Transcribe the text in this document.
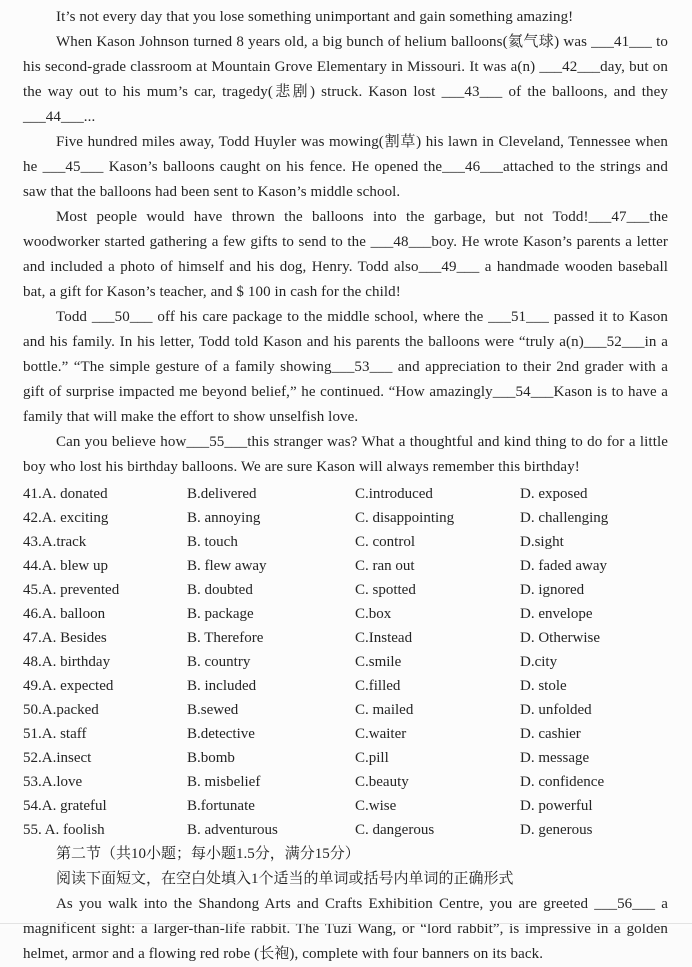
It’s not every day that you lose something unimportant and gain something amazing!

When Kason Johnson turned 8 years old, a big bunch of helium balloons(氦气球) was ___41___ to his second-grade classroom at Mountain Grove Elementary in Missouri. It was a(n) ___42___day, but on the way out to his mum’s car, tragedy(悲剧) struck. Kason lost ___43___ of the balloons, and they ___44___...

Five hundred miles away, Todd Huyler was mowing(割草) his lawn in Cleveland, Tennessee when he ___45___ Kason’s balloons caught on his fence. He opened the___46___attached to the strings and saw that the balloons had been sent to Kason’s middle school.

Most people would have thrown the balloons into the garbage, but not Todd!___47___the woodworker started gathering a few gifts to send to the ___48___boy. He wrote Kason’s parents a letter and included a photo of himself and his dog, Henry. Todd also___49___ a handmade wooden baseball bat, a gift for Kason’s teacher, and $ 100 in cash for the child!

Todd ___50___ off his care package to the middle school, where the ___51___ passed it to Kason and his family. In his letter, Todd told Kason and his parents the balloons were “truly a(n)___52___in a bottle.” “The simple gesture of a family showing___53___ and appreciation to their 2nd grader with a gift of surprise impacted me beyond belief,” he continued. “How amazingly___54___Kason is to have a family that will make the effort to show unselfish love.

Can you believe how___55___this stranger was? What a thoughtful and kind thing to do for a little boy who lost his birthday balloons. We are sure Kason will always remember this birthday!

41.A. donated	B.delivered	C.introduced	D. exposed
42.A. exciting	B. annoying	C. disappointing	D. challenging
43.A.track	B. touch	C. control	D.sight
44.A. blew up	B. flew away	C. ran out	D. faded away
45.A. prevented	B. doubted	C. spotted	D. ignored
46.A. balloon	B. package	C.box	D. envelope
47.A. Besides	B. Therefore	C.Instead	D. Otherwise
48.A. birthday	B. country	C.smile	D.city
49.A. expected	B. included	C.filled	D. stole
50.A.packed	B.sewed	C. mailed	D. unfolded
51.A. staff	B.detective	C.waiter	D. cashier
52.A.insect	B.bomb	C.pill	D. message
53.A.love	B. misbelief	C.beauty	D. confidence
54.A. grateful	B.fortunate	C.wise	D. powerful
55. A. foolish	B. adventurous	C. dangerous	D. generous

第二节（共10小题；每小题1.5分，满分15分）

阅读下面短文，在空白处填入1个适当的单词或括号内单词的正确形式

As you walk into the Shandong Arts and Crafts Exhibition Centre, you are greeted ___56___ a magnificent sight: a larger-than-life rabbit. The Tuzi Wang, or “lord rabbit”, is impressive in a golden helmet, armor and a flowing red robe (长袍), complete with four banners on its back.
